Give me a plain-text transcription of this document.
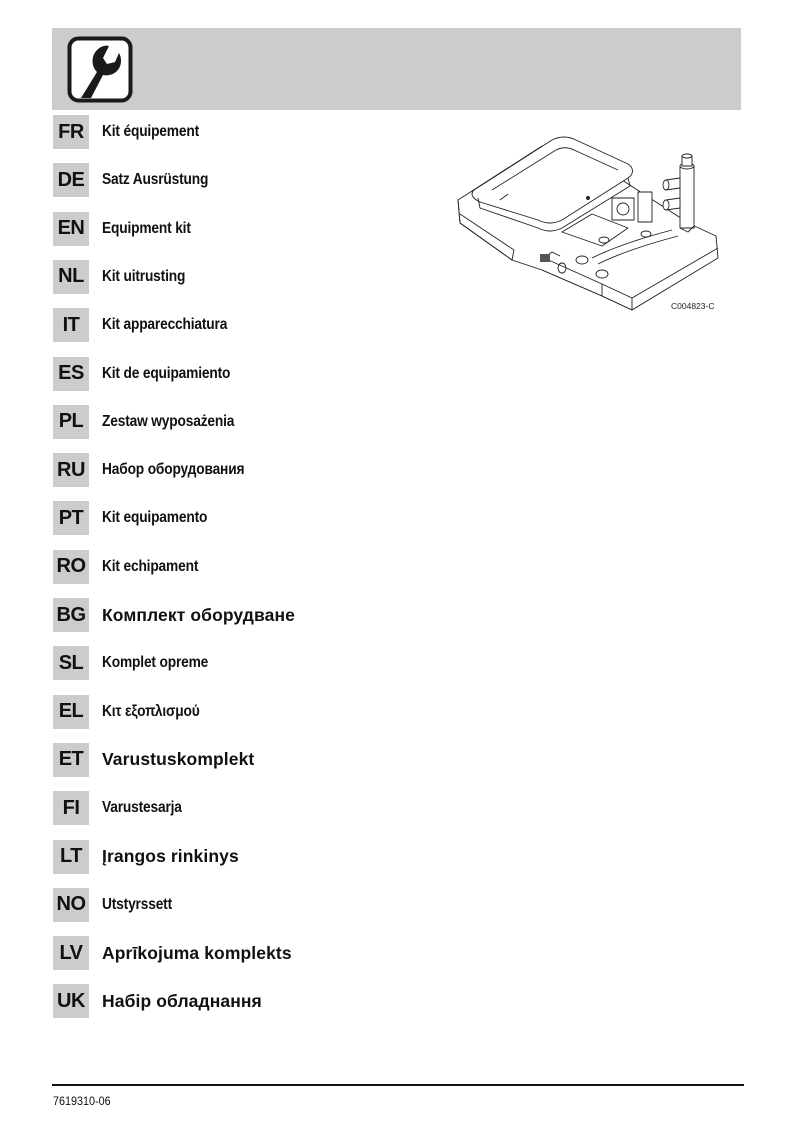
FR	Kit équipement
DE Satz Ausrüstung
EN Equipment kit
NL	Kit uitrusting
IT	Kit apparecchiatura
ES	Kit de equipamiento
PL	Zestaw wyposażenia
RU Набор оборудования
PT	Kit equipamento
RO Kit echipament
BG Комплект оборудване
SL	Komplet opreme
EL	Κιτ εξοπλισμού
ET	Varustuskomplekt
FI	Varustesarja
LT	Įrangos rinkinys
NO Utstyrssett
LV	Aprīkojuma komplekts
UK Набір обладнання
C004823-C
7619310-06
